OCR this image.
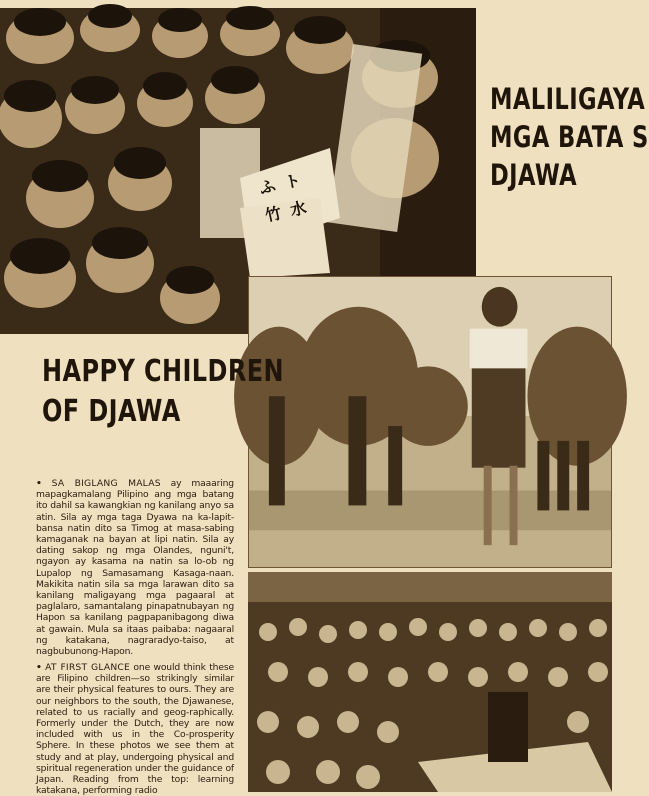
ふ ト 竹 水
MALILIGAYA
MGA BATA S
DJAWA
HAPPY CHILDREN
OF DJAWA

• SA BIGLANG MALAS ay maaaring mapagkamalang Pilipino ang mga batang ito dahil sa kawangkian ng kanilang anyo sa atin. Sila ay mga taga Dyawa na ka-lapit-bansa natin dito sa Timog at masa-sabing kamaganak na bayan at lipi natin. Sila ay dating sakop ng mga Olandes, nguni't, ngayon ay kasama na natin sa lo-ob ng Lupalop ng Samasamang Kasaga-naan. Makikita natin sila sa mga larawan dito sa kanilang maligayang mga pagaaral at paglalaro, samantalang pinapatnubayan ng Hapon sa kanilang pagpapanibagong diwa at gawain. Mula sa itaas paibaba: nagaaral ng katakana, nagraradyo-taiso, at nagbubunong-Hapon.

• AT FIRST GLANCE one would think these are Filipino children—so strikingly similar are their physical features to ours. They are our neighbors to the south, the Djawanese, related to us racially and geog-raphically. Formerly under the Dutch, they are now included with us in the Co-prosperity Sphere. In these photos we see them at study and at play, undergoing physical and spiritual regeneration under the guidance of Japan. Reading from the top: learning katakana, performing radio
